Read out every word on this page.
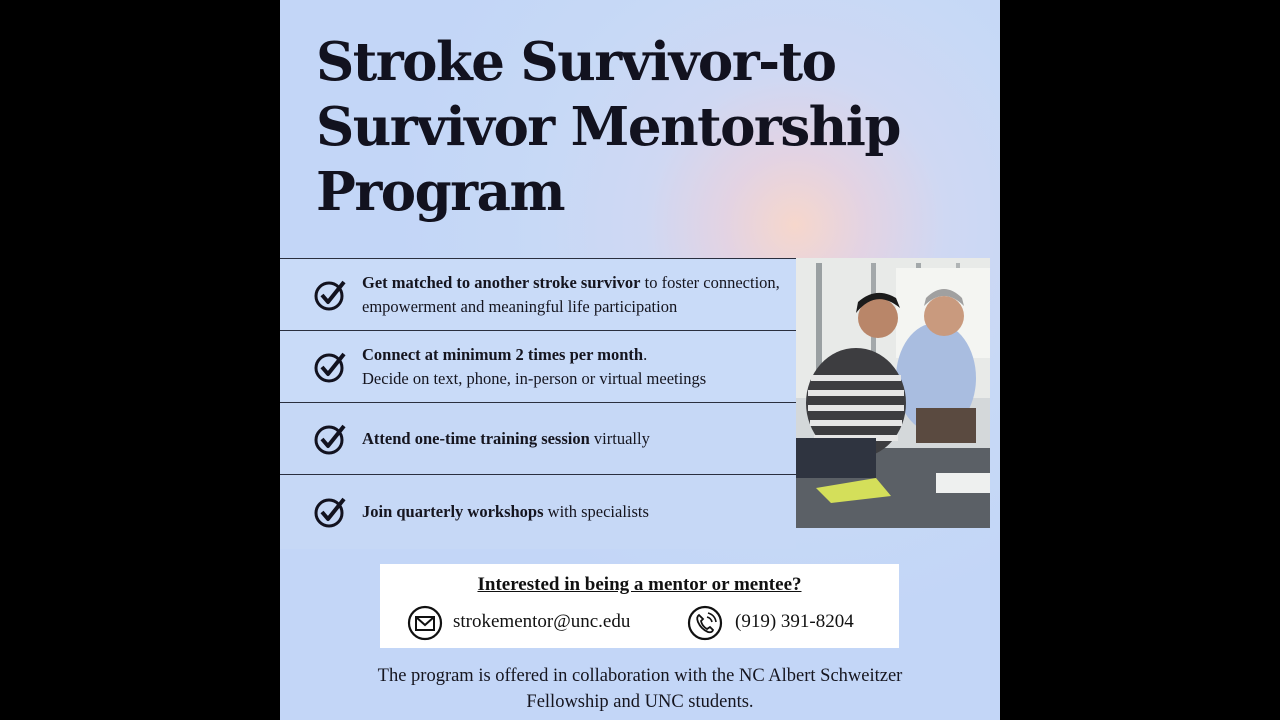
Stroke Survivor-to
Survivor Mentorship
Program
Get matched to another stroke survivor to foster connection, empowerment and meaningful life participation
Connect at minimum 2 times per month.
Decide on text, phone, in-person or virtual meetings
Attend one-time training session virtually
Join quarterly workshops with specialists
Interested in being a mentor or mentee?
strokementor@unc.edu	(919) 391-8204
The program is offered in collaboration with the NC Albert Schweitzer
Fellowship and UNC students.
